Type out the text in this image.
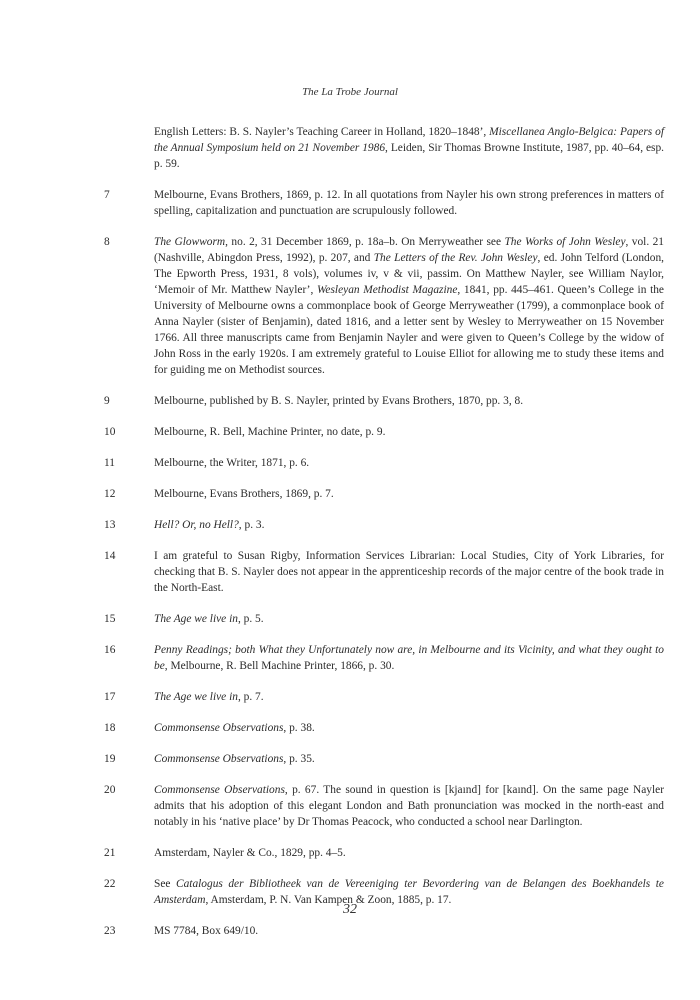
The La Trobe Journal
English Letters: B. S. Nayler’s Teaching Career in Holland, 1820–1848’, Miscellanea Anglo-Belgica: Papers of the Annual Symposium held on 21 November 1986, Leiden, Sir Thomas Browne Institute, 1987, pp. 40–64, esp. p. 59.
7	Melbourne, Evans Brothers, 1869, p. 12. In all quotations from Nayler his own strong preferences in matters of spelling, capitalization and punctuation are scrupulously followed.
8	The Glowworm, no. 2, 31 December 1869, p. 18a–b. On Merryweather see The Works of John Wesley, vol. 21 (Nashville, Abingdon Press, 1992), p. 207, and The Letters of the Rev. John Wesley, ed. John Telford (London, The Epworth Press, 1931, 8 vols), volumes iv, v & vii, passim. On Matthew Nayler, see William Naylor, ‘Memoir of Mr. Matthew Nayler’, Wesleyan Methodist Magazine, 1841, pp. 445–461. Queen’s College in the University of Melbourne owns a commonplace book of George Merryweather (1799), a commonplace book of Anna Nayler (sister of Benjamin), dated 1816, and a letter sent by Wesley to Merryweather on 15 November 1766. All three manuscripts came from Benjamin Nayler and were given to Queen’s College by the widow of John Ross in the early 1920s. I am extremely grateful to Louise Elliot for allowing me to study these items and for guiding me on Methodist sources.
9	Melbourne, published by B. S. Nayler, printed by Evans Brothers, 1870, pp. 3, 8.
10	Melbourne, R. Bell, Machine Printer, no date, p. 9.
11	Melbourne, the Writer, 1871, p. 6.
12	Melbourne, Evans Brothers, 1869, p. 7.
13	Hell? Or, no Hell?, p. 3.
14	I am grateful to Susan Rigby, Information Services Librarian: Local Studies, City of York Libraries, for checking that B. S. Nayler does not appear in the apprenticeship records of the major centre of the book trade in the North-East.
15	The Age we live in, p. 5.
16	Penny Readings; both What they Unfortunately now are, in Melbourne and its Vicinity, and what they ought to be, Melbourne, R. Bell Machine Printer, 1866, p. 30.
17	The Age we live in, p. 7.
18	Commonsense Observations, p. 38.
19	Commonsense Observations, p. 35.
20	Commonsense Observations, p. 67. The sound in question is [kjaınd] for [kaınd]. On the same page Nayler admits that his adoption of this elegant London and Bath pronunciation was mocked in the north-east and notably in his ‘native place’ by Dr Thomas Peacock, who conducted a school near Darlington.
21	Amsterdam, Nayler & Co., 1829, pp. 4–5.
22	See Catalogus der Bibliotheek van de Vereeniging ter Bevordering van de Belangen des Boekhandels te Amsterdam, Amsterdam, P. N. Van Kampen & Zoon, 1885, p. 17.
23	MS 7784, Box 649/10.
32
